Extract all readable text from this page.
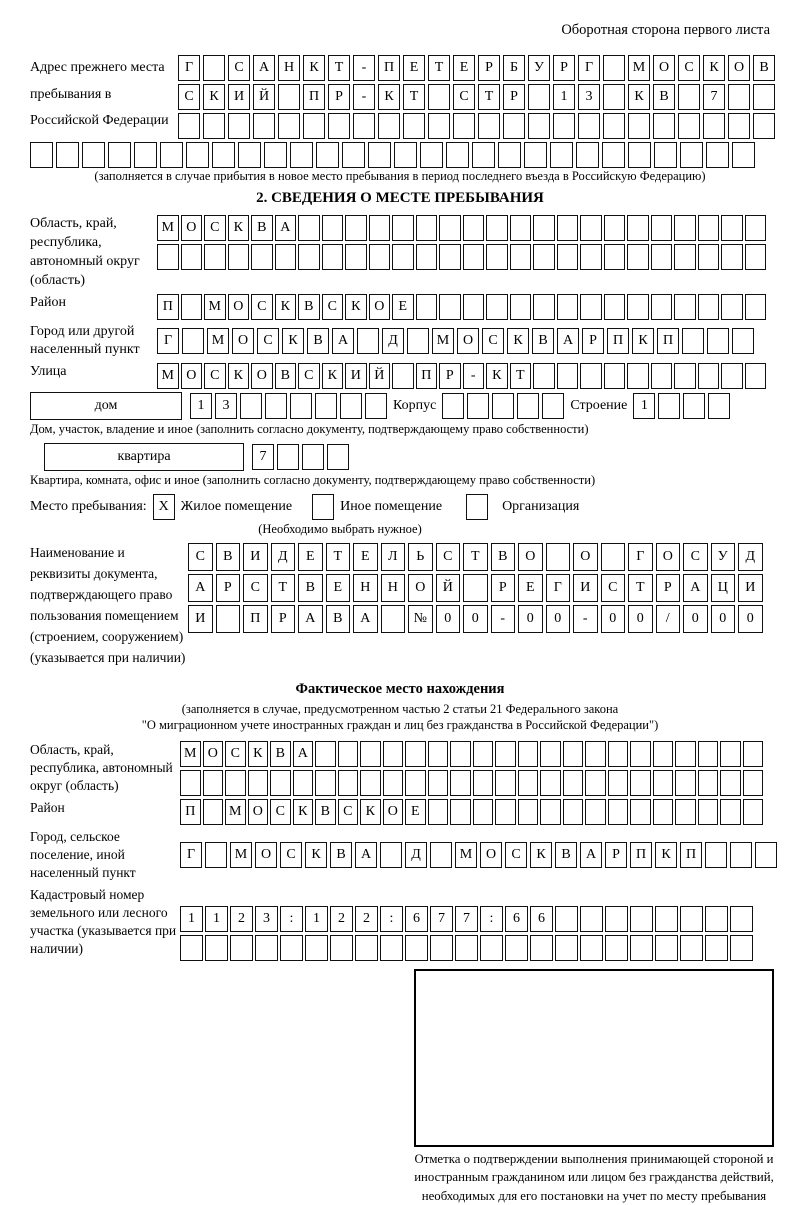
Оборотная сторона первого листа
Адрес прежнего места пребывания в Российской Федерации
Г	С	А	Н	К	Т	-	П	Е	Т	Е	Р	Б	У	Р	Г	М О	С	К	О	В
С	К	И	Й	П	Р	-	К	Т	С	Т	Р	1	3	К	В	7
(заполняется в случае прибытия в новое место пребывания в период последнего въезда в Российскую Федерацию)
2. СВЕДЕНИЯ О МЕСТЕ ПРЕБЫВАНИЯ
Область, край, республика, автономный округ (область)
М О С	К	В А
Район	П	М О С	К	В	С	К О	Е
Город или другой населенный пункт
Г	М О	С	К	В	А	Д	М О	С	К	В	А	Р	П	К	П
Улица	М О С	К О В	С	К И Й	П	Р	-	К	Т
дом	1	3	Корпус	Строение 1
Дом, участок, владение и иное (заполнить согласно документу, подтверждающему право собственности)
квартира	7
Квартира, комната, офис и иное (заполнить согласно документу, подтверждающему право собственности)
Место пребывания: X Жилое помещение	Иное помещение	Организация
(Необходимо выбрать нужное)
Наименование и реквизиты документа, подтверждающего право пользования помещением (строением, сооружением) (указывается при наличии)
С	В	И	Д	Е	Т	Е	Л	Ь	С	Т	В	О	О	Г	О	С	У	Д
А	Р	С	Т	В	Е	Н	Н	О	Й	Р	Е	Г	И	С	Т	Р	А	Ц	И
И	П	Р	А	В	А	№	0	0	-	0	0	-	0	0	/	0	0	0
Фактическое место нахождения
(заполняется в случае, предусмотренном частью 2 статьи 21 Федерального закона
"О миграционном учете иностранных граждан и лиц без гражданства в Российской Федерации")
Область, край, республика, автономный округ (область)
М О С К В А
Район	П	М О С К В С К О Е
Город, сельское поселение, иной населенный пункт
Г	М О	С	К	В	А	Д	М О	С	К	В	А	Р	П	К	П
Кадастровый номер земельного или лесного участка (указывается при наличии)
1	1	2	3	:	1	2	2	:	6	7	7	:	6	6
Отметка о подтверждении выполнения принимающей стороной и иностранным гражданином или лицом без гражданства действий, необходимых для его постановки на учет по месту пребывания
